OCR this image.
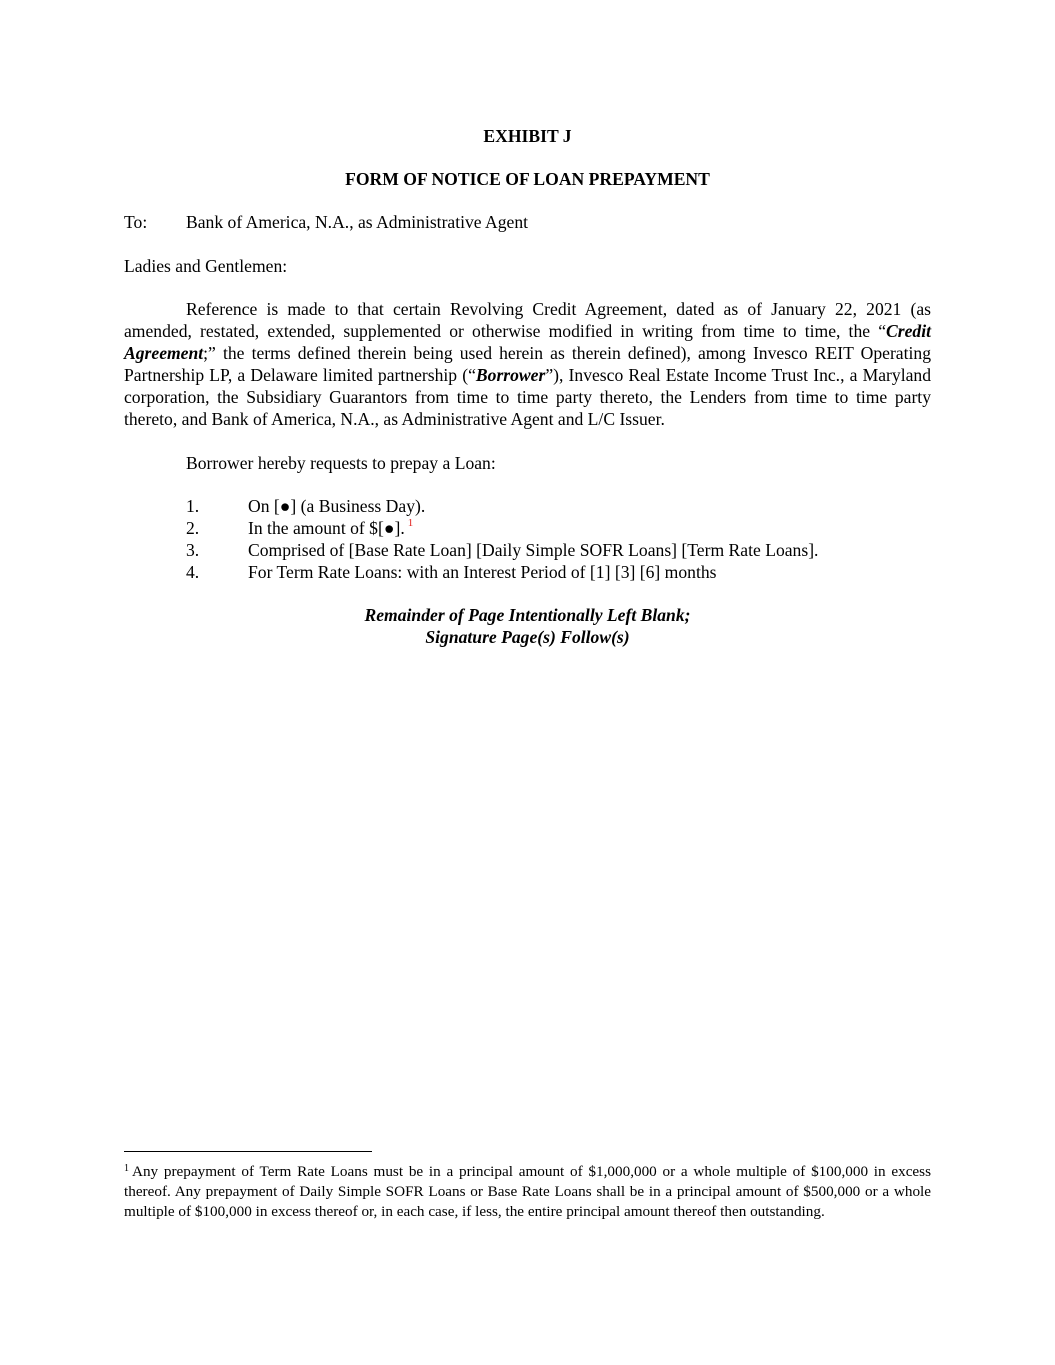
EXHIBIT J
FORM OF NOTICE OF LOAN PREPAYMENT
To: Bank of America, N.A., as Administrative Agent
Ladies and Gentlemen:
Reference is made to that certain Revolving Credit Agreement, dated as of January 22, 2021 (as amended, restated, extended, supplemented or otherwise modified in writing from time to time, the “Credit Agreement;” the terms defined therein being used herein as therein defined), among Invesco REIT Operating Partnership LP, a Delaware limited partnership (“Borrower”), Invesco Real Estate Income Trust Inc., a Maryland corporation, the Subsidiary Guarantors from time to time party thereto, the Lenders from time to time party thereto, and Bank of America, N.A., as Administrative Agent and L/C Issuer.
Borrower hereby requests to prepay a Loan:
1.	On [●] (a Business Day).
2.	In the amount of $[●]. $^1$
3.	Comprised of [Base Rate Loan] [Daily Simple SOFR Loans] [Term Rate Loans].
4.	For Term Rate Loans: with an Interest Period of [1] [3] [6] months
Remainder of Page Intentionally Left Blank;
Signature Page(s) Follow(s)
$^1$ Any prepayment of Term Rate Loans must be in a principal amount of $1,000,000 or a whole multiple of $100,000 in excess thereof. Any prepayment of Daily Simple SOFR Loans or Base Rate Loans shall be in a principal amount of $500,000 or a whole multiple of $100,000 in excess thereof or, in each case, if less, the entire principal amount thereof then outstanding.
